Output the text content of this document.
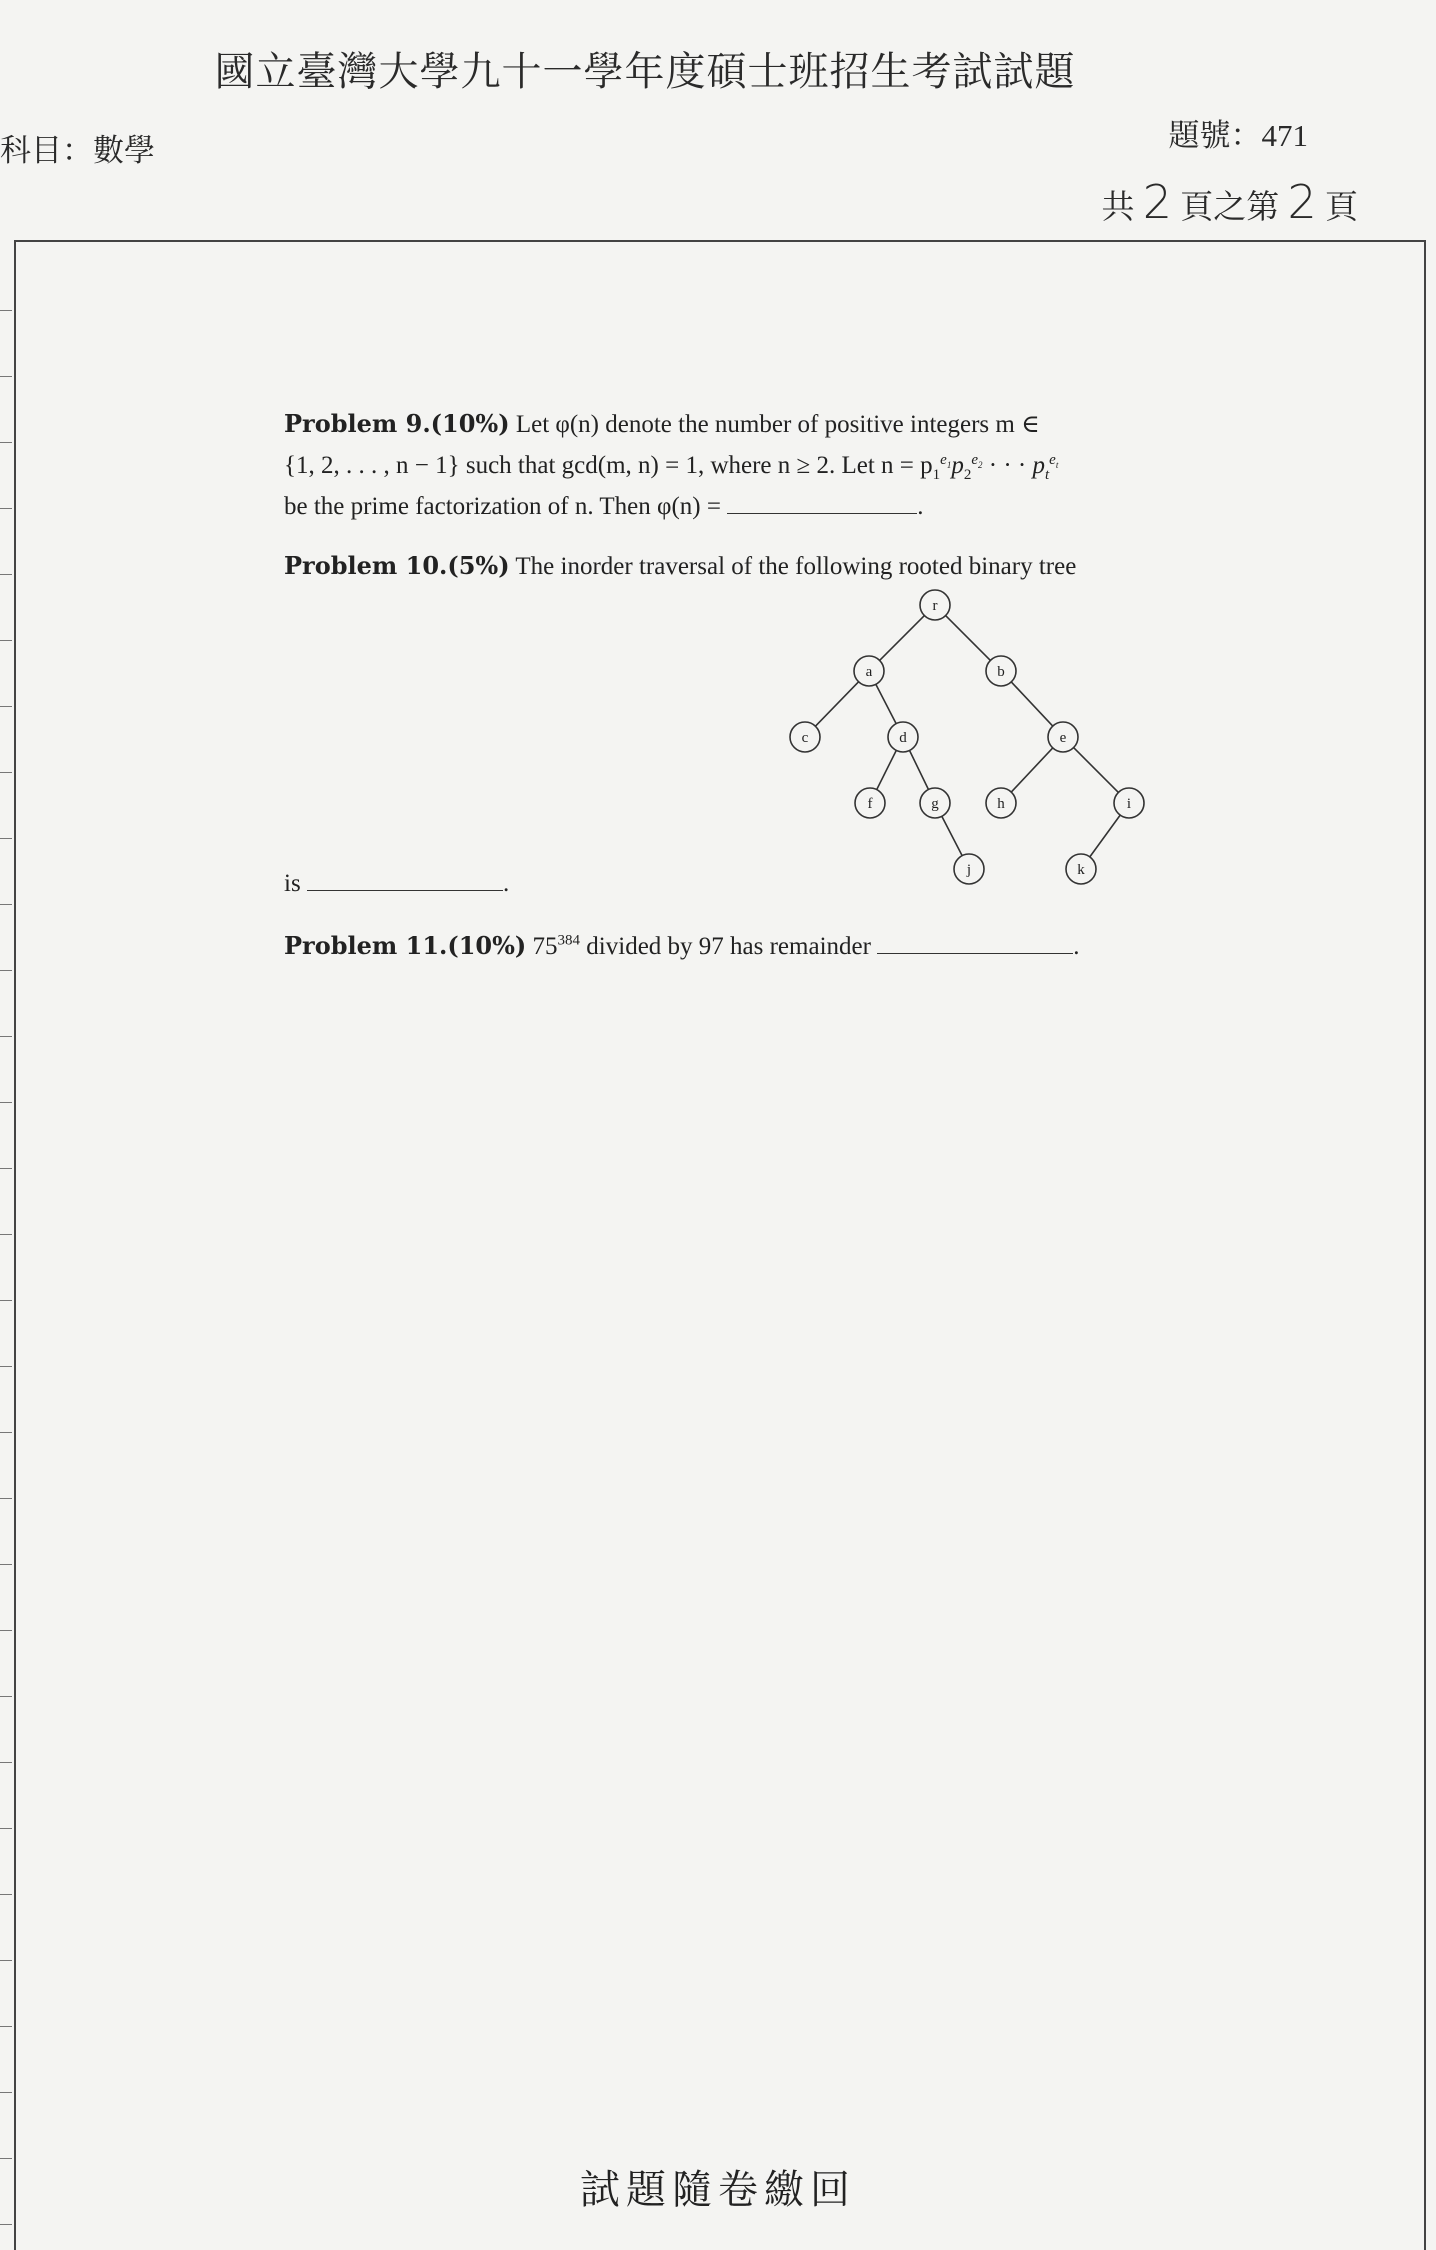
國立臺灣大學九十一學年度碩士班招生考試試題
科目：數學	題號：471
共 2 頁之第 2 頁
Problem 9.(10%) Let φ(n) denote the number of positive integers m ∈
{1, 2, . . . , n − 1} such that gcd(m, n) = 1, where n ≥ 2. Let $n = p_1^{e_1}p_2^{e_2}$ · · · $p_t^{e_t}$
be the prime factorization of n. Then φ(n) =	.
Problem 10.(5%) The inorder traversal of the following rooted binary tree
r
a	b
c	d	e
f	g	h	i
j	k
is	.
Problem 11.(10%) $75^{384}$ divided by 97 has remainder	.
試題隨卷繳回
